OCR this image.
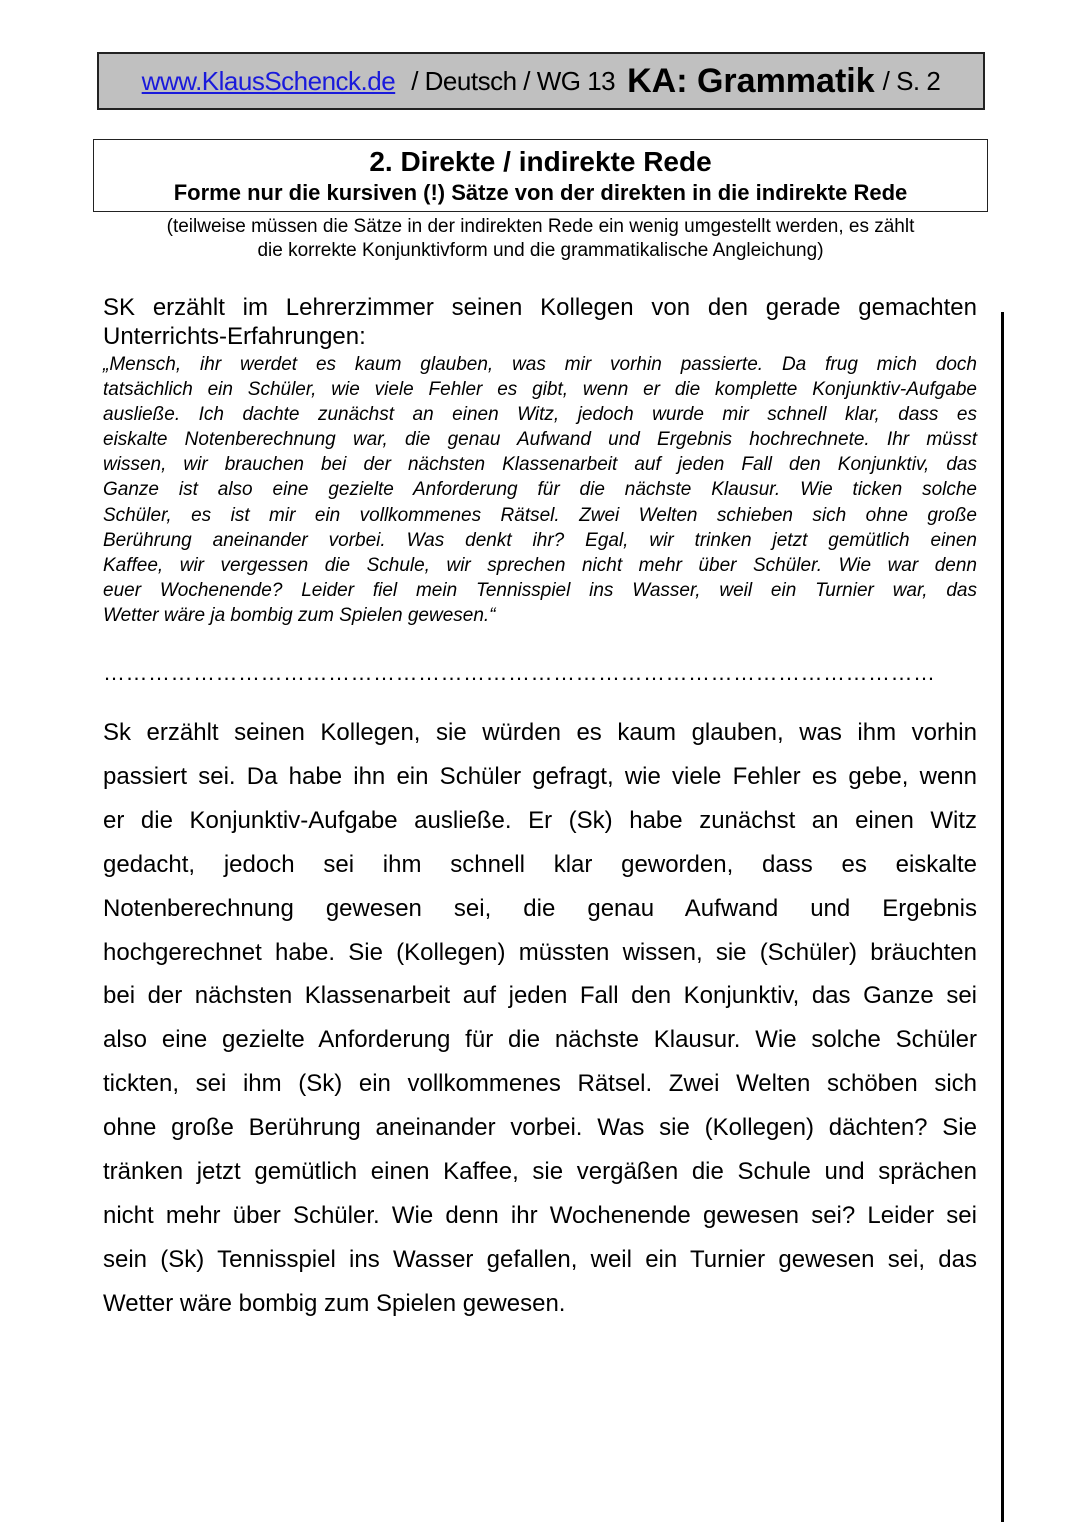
www.KlausSchenck.de / Deutsch / WG 13 KA: Grammatik / S. 2
2. Direkte / indirekte Rede
Forme nur die kursiven (!) Sätze von der direkten in die indirekte Rede
(teilweise müssen die Sätze in der indirekten Rede ein wenig umgestellt werden, es zählt
die korrekte Konjunktivform und die grammatikalische Angleichung)
SK erzählt im Lehrerzimmer seinen Kollegen von den gerade gemachten
Unterrichts-Erfahrungen:
„Mensch, ihr werdet es kaum glauben, was mir vorhin passierte. Da frug mich doch
tatsächlich ein Schüler, wie viele Fehler es gibt, wenn er die komplette Konjunktiv-Aufgabe
ausließe. Ich dachte zunächst an einen Witz, jedoch wurde mir schnell klar, dass es
eiskalte Notenberechnung war, die genau Aufwand und Ergebnis hochrechnete. Ihr müsst
wissen, wir brauchen bei der nächsten Klassenarbeit auf jeden Fall den Konjunktiv, das
Ganze ist also eine gezielte Anforderung für die nächste Klausur. Wie ticken solche
Schüler, es ist mir ein vollkommenes Rätsel. Zwei Welten schieben sich ohne große
Berührung aneinander vorbei. Was denkt ihr? Egal, wir trinken jetzt gemütlich einen
Kaffee, wir vergessen die Schule, wir sprechen nicht mehr über Schüler. Wie war denn
euer Wochenende? Leider fiel mein Tennisspiel ins Wasser, weil ein Turnier war, das
Wetter wäre ja bombig zum Spielen gewesen.“
…………………………………………………………………………………………………
Sk erzählt seinen Kollegen, sie würden es kaum glauben, was ihm vorhin
passiert sei. Da habe ihn ein Schüler gefragt, wie viele Fehler es gebe, wenn
er die Konjunktiv-Aufgabe ausließe. Er (Sk) habe zunächst an einen Witz
gedacht, jedoch sei ihm schnell klar geworden, dass es eiskalte
Notenberechnung gewesen sei, die genau Aufwand und Ergebnis
hochgerechnet habe. Sie (Kollegen) müssten wissen, sie (Schüler) bräuchten
bei der nächsten Klassenarbeit auf jeden Fall den Konjunktiv, das Ganze sei
also eine gezielte Anforderung für die nächste Klausur. Wie solche Schüler
tickten, sei ihm (Sk) ein vollkommenes Rätsel. Zwei Welten schöben sich
ohne große Berührung aneinander vorbei. Was sie (Kollegen) dächten? Sie
tränken jetzt gemütlich einen Kaffee, sie vergäßen die Schule und sprächen
nicht mehr über Schüler. Wie denn ihr Wochenende gewesen sei? Leider sei
sein (Sk) Tennisspiel ins Wasser gefallen, weil ein Turnier gewesen sei, das
Wetter wäre bombig zum Spielen gewesen.
